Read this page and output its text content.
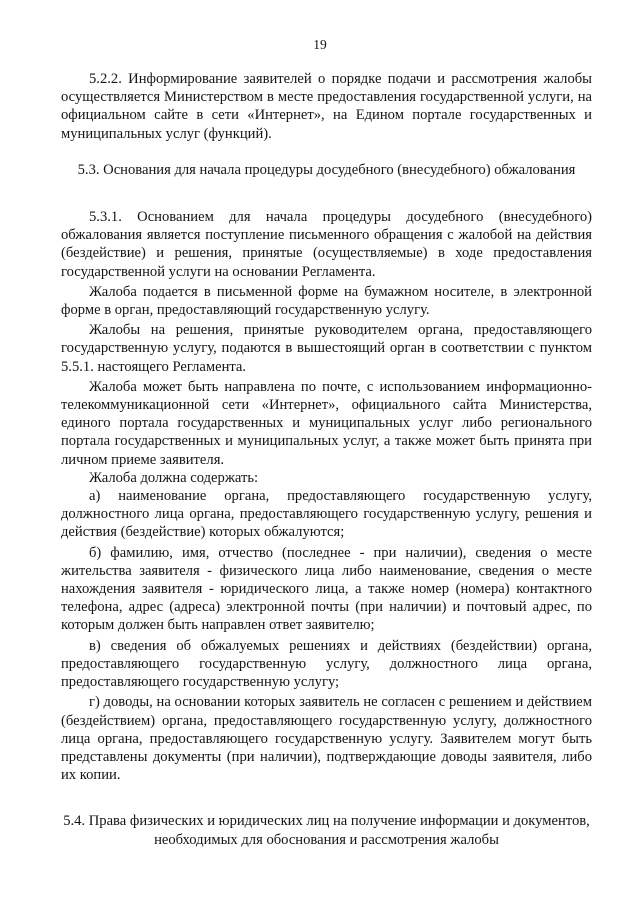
19

5.2.2. Информирование заявителей о порядке подачи и рассмотрения жалобы осуществляется Министерством в месте предоставления государственной услуги, на официальном сайте в сети «Интернет», на Едином портале государственных и муниципальных услуг (функций).

5.3. Основания для начала процедуры досудебного (внесудебного) обжалования

5.3.1. Основанием для начала процедуры досудебного (внесудебного) обжалования является поступление письменного обращения с жалобой на действия (бездействие) и решения, принятые (осуществляемые) в ходе предоставления государственной услуги на основании Регламента.

Жалоба подается в письменной форме на бумажном носителе, в электронной форме в орган, предоставляющий государственную услугу.

Жалобы на решения, принятые руководителем органа, предоставляющего государственную услугу, подаются в вышестоящий орган в соответствии с пунктом 5.5.1. настоящего Регламента.

Жалоба может быть направлена по почте, с использованием информационно-телекоммуникационной сети «Интернет», официального сайта Министерства, единого портала государственных и муниципальных услуг либо регионального портала государственных и муниципальных услуг, а также может быть принята при личном приеме заявителя.

Жалоба должна содержать:

а) наименование органа, предоставляющего государственную услугу, должностного лица органа, предоставляющего государственную услугу, решения и действия (бездействие) которых обжалуются;

б) фамилию, имя, отчество (последнее - при наличии), сведения о месте жительства заявителя - физического лица либо наименование, сведения о месте нахождения заявителя - юридического лица, а также номер (номера) контактного телефона, адрес (адреса) электронной почты (при наличии) и почтовый адрес, по которым должен быть направлен ответ заявителю;

в) сведения об обжалуемых решениях и действиях (бездействии) органа, предоставляющего государственную услугу, должностного лица органа, предоставляющего государственную услугу;

г) доводы, на основании которых заявитель не согласен с решением и действием (бездействием) органа, предоставляющего государственную услугу, должностного лица органа, предоставляющего государственную услугу. Заявителем могут быть представлены документы (при наличии), подтверждающие доводы заявителя, либо их копии.

5.4. Права физических и юридических лиц на получение информации и документов, необходимых для обоснования и рассмотрения жалобы
